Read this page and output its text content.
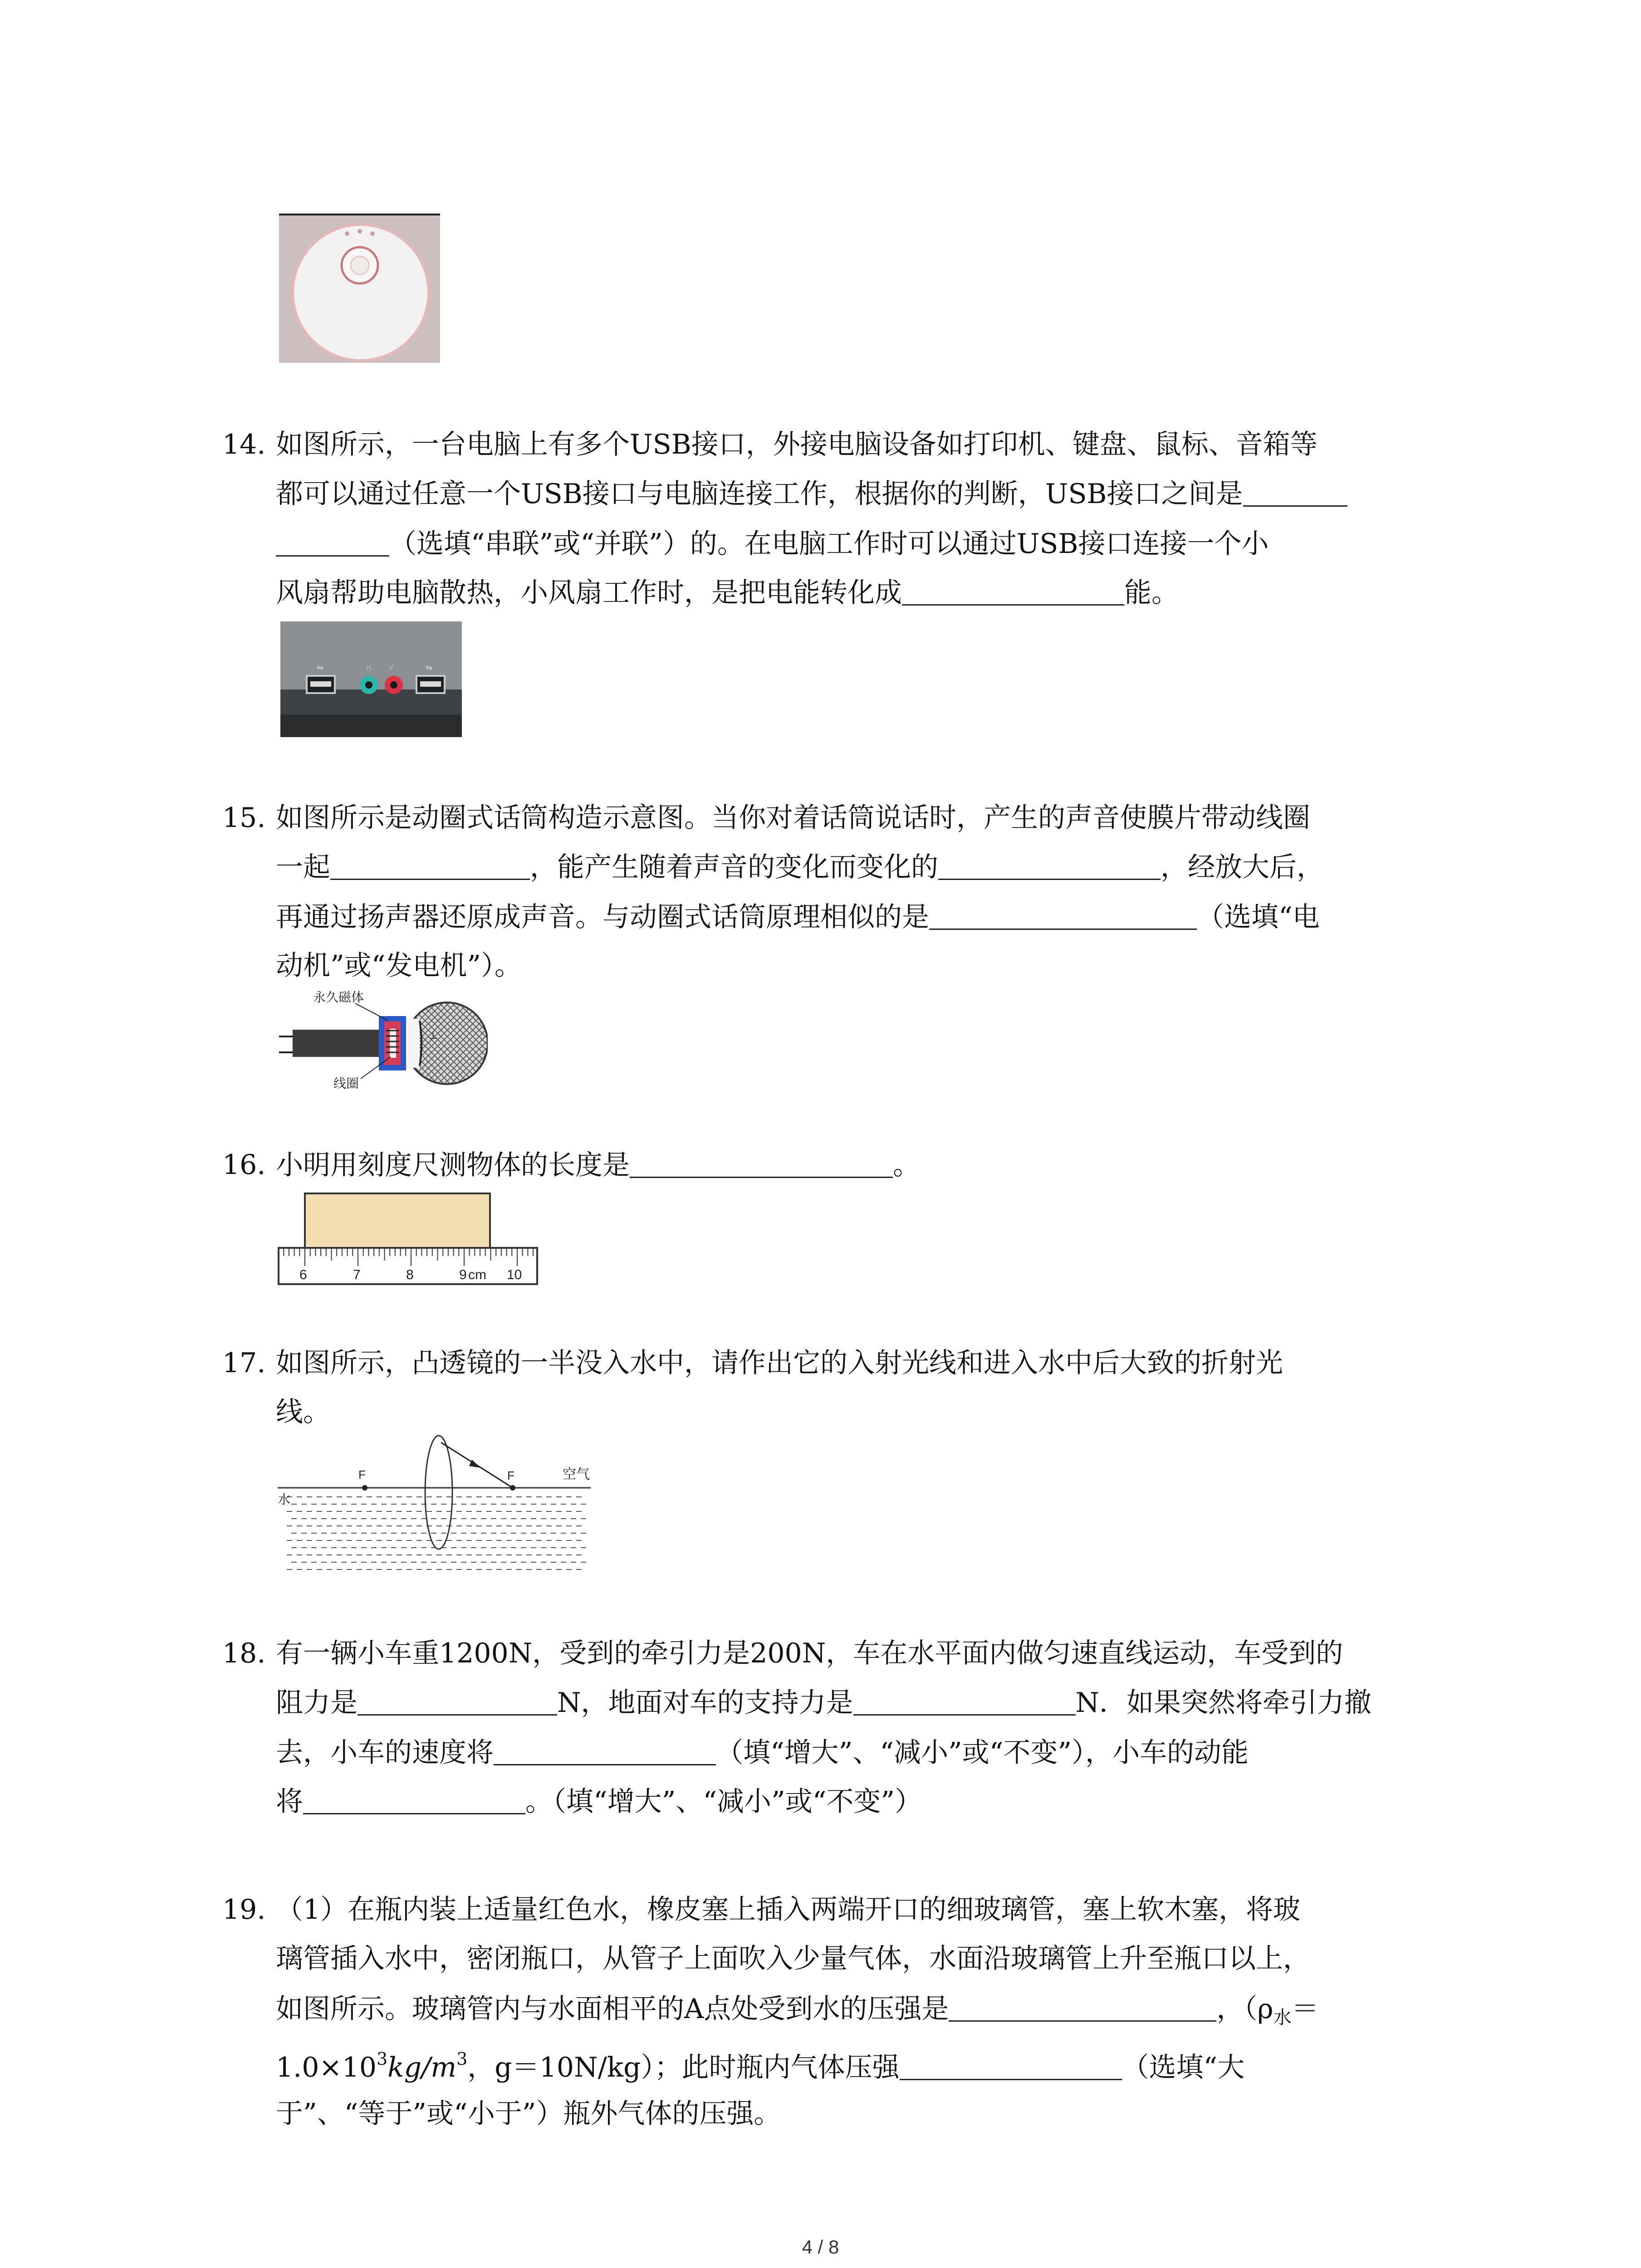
14. 如图所示，一台电脑上有多个USB接口，外接电脑设备如打印机、键盘、鼠标、音箱等
都可以通过任意一个USB接口与电脑连接工作，根据你的判断，USB接口之间是
（选填“串联”或“并联”）的。在电脑工作时可以通过USB接口连接一个小
风扇帮助电脑散热，小风扇工作时，是把电能转化成	能。
⇋	⇋
∩ ∕
15. 如图所示是动圈式话筒构造示意图。当你对着话筒说话时，产生的声音使膜片带动线圈
一起	，能产生随着声音的变化而变化的	，经放大后，
再通过扬声器还原成声音。与动圈式话筒原理相似的是	（选填“电
动机”或“发电机”）。
⊥
永久磁体
线圈
16. 小明用刻度尺测物体的长度是	。
6	7	8	9 cm 10
17. 如图所示，凸透镜的一半没入水中，请作出它的入射光线和进入水中后大致的折射光
线。
F	F	空气
水
18. 有一辆小车重1200N，受到的牵引力是200N，车在水平面内做匀速直线运动，车受到的
阻力是	N，地面对车的支持力是	N．如果突然将牵引力撤
去，小车的速度将	（填“增大”、“减小”或“不变”），小车的动能
将	。（填“增大”、“减小”或“不变”）
19. （1）在瓶内装上适量红色水，橡皮塞上插入两端开口的细玻璃管，塞上软木塞，将玻
璃管插入水中，密闭瓶口，从管子上面吹入少量气体，水面沿玻璃管上升至瓶口以上，
如图所示。玻璃管内与水面相平的A点处受到水的压强是	，（$\rho_水=$
$1.0\times 10^3kg/m^3$，g＝10N/kg）；此时瓶内气体压强	（选填“大
于”、“等于”或“小于”）瓶外气体的压强。
4 / 8
